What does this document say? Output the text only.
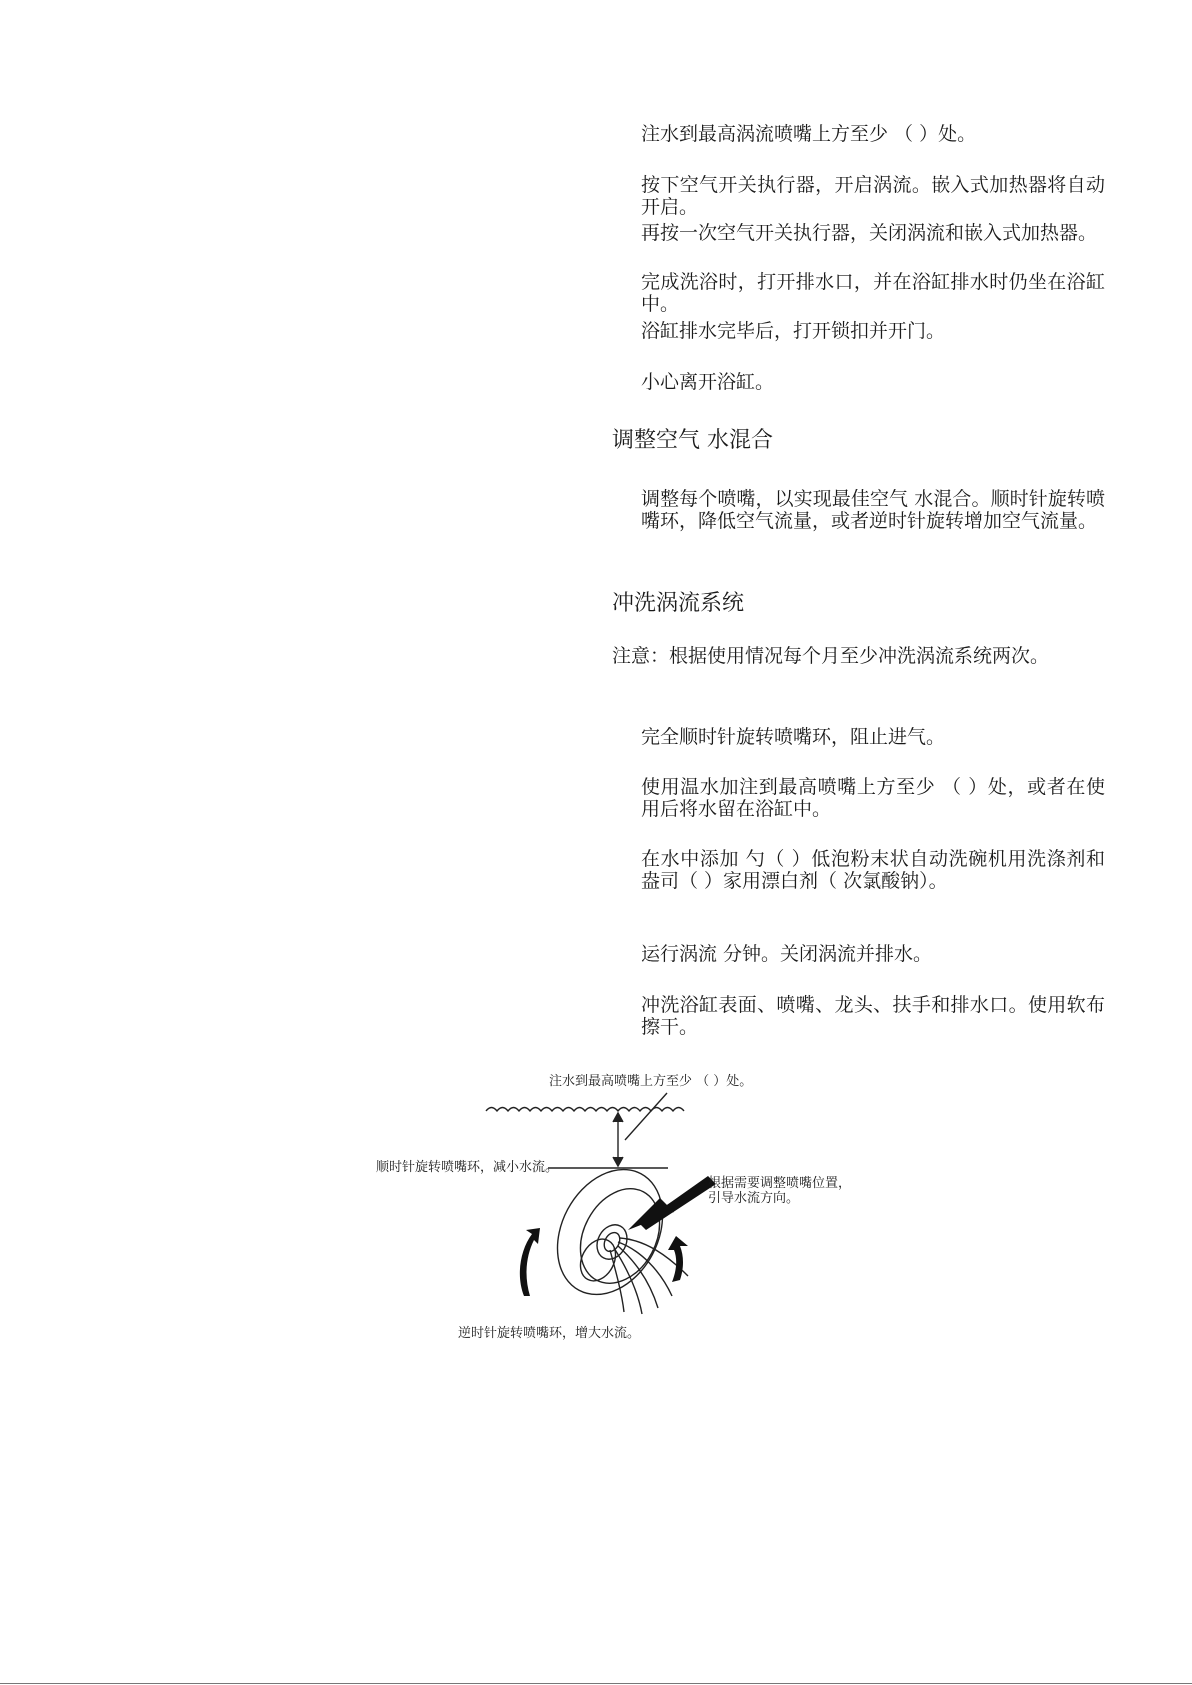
注水到最高涡流喷嘴上方至少 （ ）处。

按下空气开关执行器，开启涡流。嵌入式加热器将自动开启。

再按一次空气开关执行器，关闭涡流和嵌入式加热器。

完成洗浴时，打开排水口，并在浴缸排水时仍坐在浴缸中。

浴缸排水完毕后，打开锁扣并开门。

小心离开浴缸。

调整空气 水混合

调整每个喷嘴，以实现最佳空气 水混合。顺时针旋转喷嘴环，降低空气流量，或者逆时针旋转增加空气流量。

冲洗涡流系统

注意：根据使用情况每个月至少冲洗涡流系统两次。

完全顺时针旋转喷嘴环，阻止进气。

使用温水加注到最高喷嘴上方至少 （ ）处，或者在使用后将水留在浴缸中。

在水中添加 勺（ ）低泡粉末状自动洗碗机用洗涤剂和 盎司（ ）家用漂白剂（ 次氯酸钠）。

运行涡流 分钟。关闭涡流并排水。

冲洗浴缸表面、喷嘴、龙头、扶手和排水口。使用软布擦干。

注水到最高喷嘴上方至少 （ ）处。

顺时针旋转喷嘴环，减小水流。

根据需要调整喷嘴位置，

引导水流方向。

逆时针旋转喷嘴环，增大水流。
